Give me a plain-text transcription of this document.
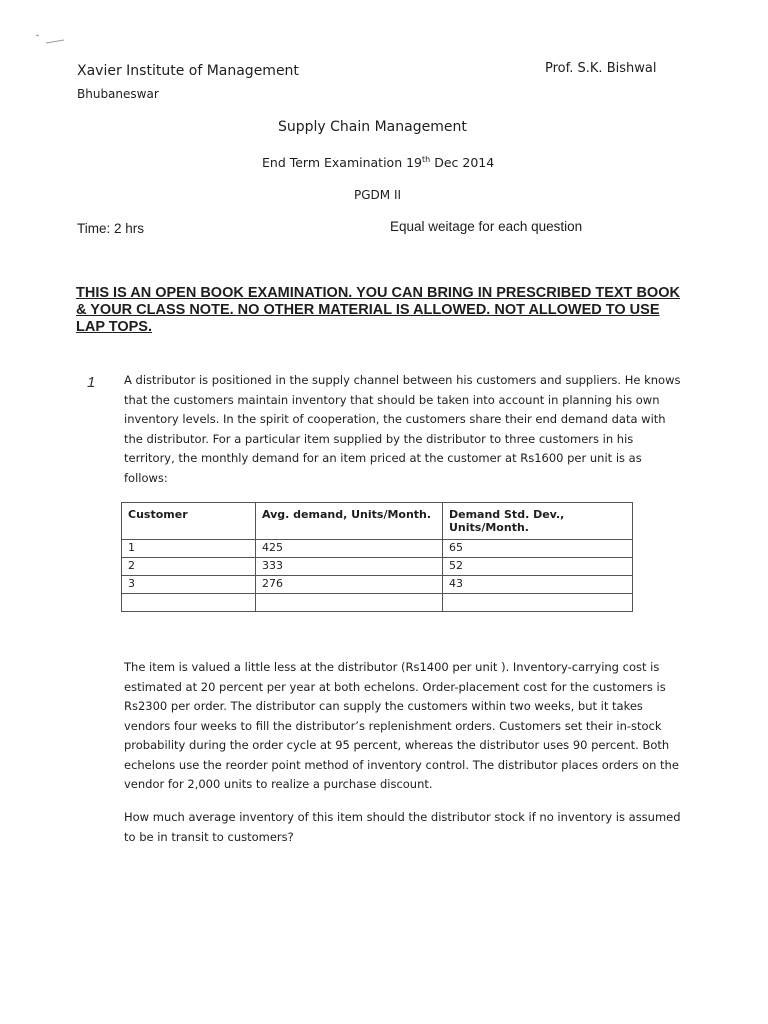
Xavier Institute of Management
Bhubaneswar
Prof. S.K. Bishwal
Supply Chain Management
End Term Examination 19th Dec 2014
PGDM II
Time: 2 hrs	Equal weitage for each question
THIS IS AN OPEN BOOK EXAMINATION. YOU CAN BRING IN PRESCRIBED TEXT BOOK & YOUR CLASS NOTE. NO OTHER MATERIAL IS ALLOWED. NOT ALLOWED TO USE LAP TOPS.
1 A distributor is positioned in the supply channel between his customers and suppliers. He knows that the customers maintain inventory that should be taken into account in planning his own inventory levels. In the spirit of cooperation, the customers share their end demand data with the distributor. For a particular item supplied by the distributor to three customers in his territory, the monthly demand for an item priced at the customer at Rs1600 per unit is as follows:
Customer	Avg. demand, Units/Month.	Demand Std. Dev., Units/Month.
1	425	65
2	333	52
3	276	43

The item is valued a little less at the distributor (Rs1400 per unit ). Inventory-carrying cost is estimated at 20 percent per year at both echelons. Order-placement cost for the customers is Rs2300 per order. The distributor can supply the customers within two weeks, but it takes vendors four weeks to fill the distributor’s replenishment orders. Customers set their in-stock probability during the order cycle at 95 percent, whereas the distributor uses 90 percent. Both echelons use the reorder point method of inventory control. The distributor places orders on the vendor for 2,000 units to realize a purchase discount.
How much average inventory of this item should the distributor stock if no inventory is assumed to be in transit to customers?
